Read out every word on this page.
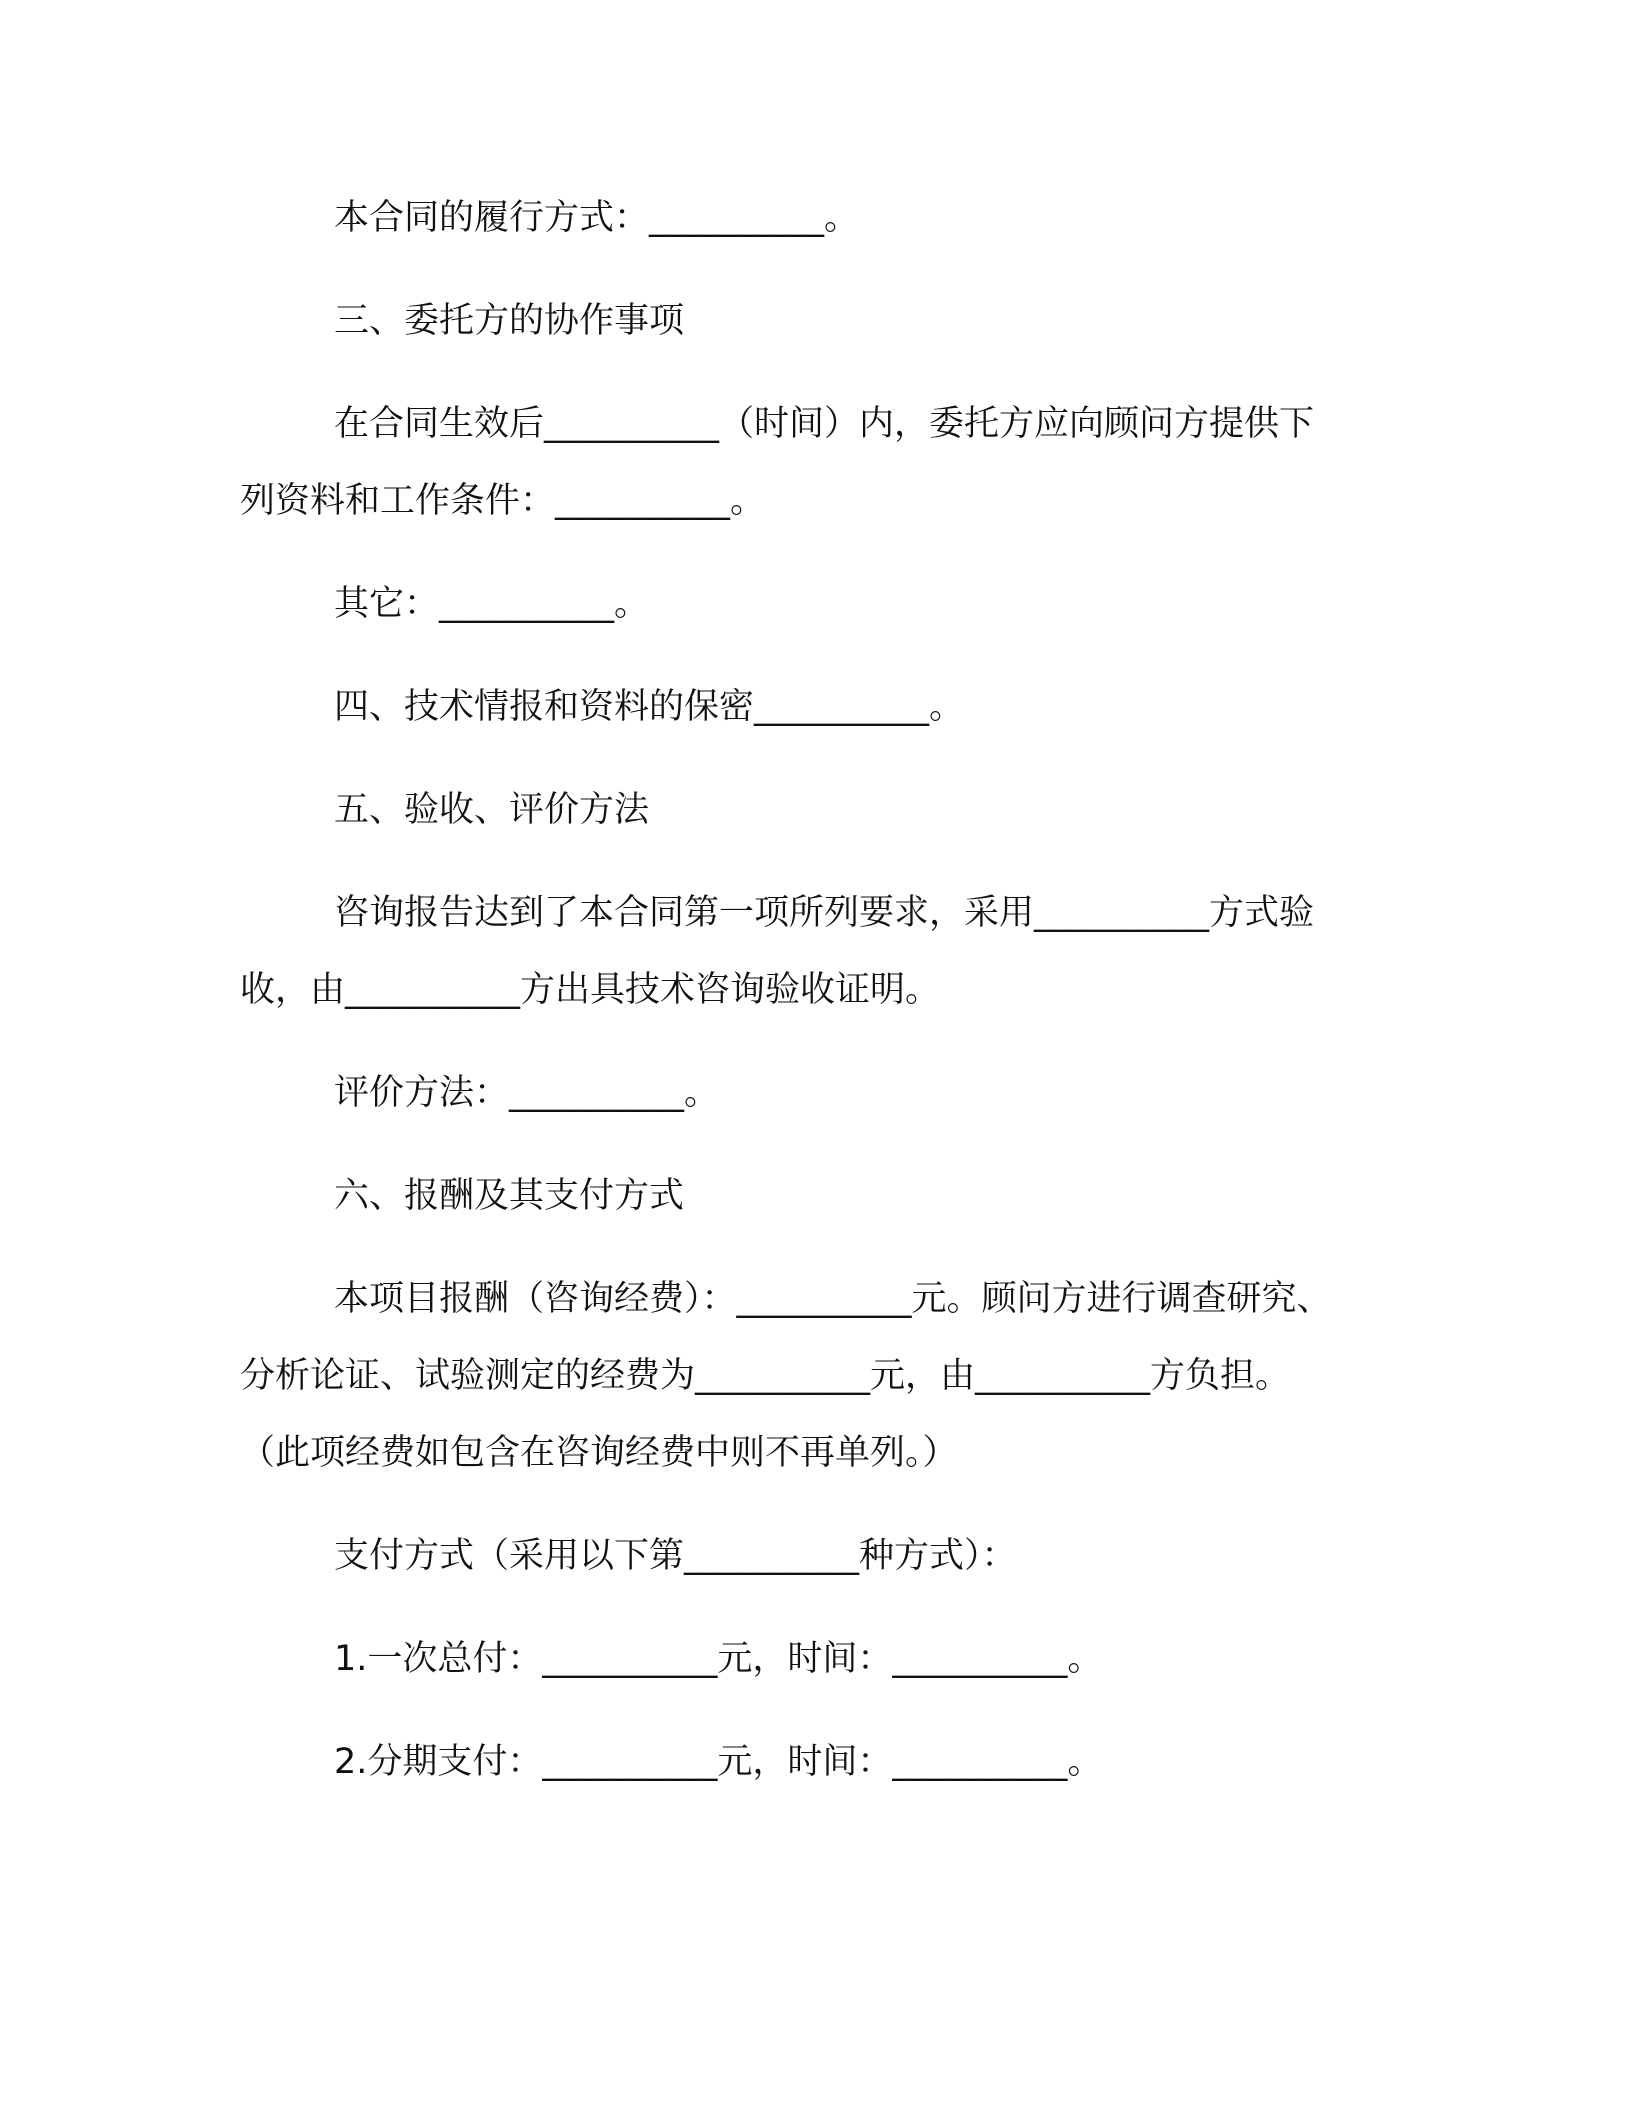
本合同的履行方式：__________。

三、委托方的协作事项

在合同生效后__________（时间）内，委托方应向顾问方提供下

列资料和工作条件：__________。

其它：__________。

四、技术情报和资料的保密__________。

五、验收、评价方法

咨询报告达到了本合同第一项所列要求，采用__________方式验

收，由__________方出具技术咨询验收证明。

评价方法：__________。

六、报酬及其支付方式

本项目报酬（咨询经费）：__________元。顾问方进行调查研究、

分析论证、试验测定的经费为__________元，由__________方负担。

（此项经费如包含在咨询经费中则不再单列。）

支付方式（采用以下第__________种方式）：

1.一次总付：__________元，时间：__________。

2.分期支付：__________元，时间：__________。
